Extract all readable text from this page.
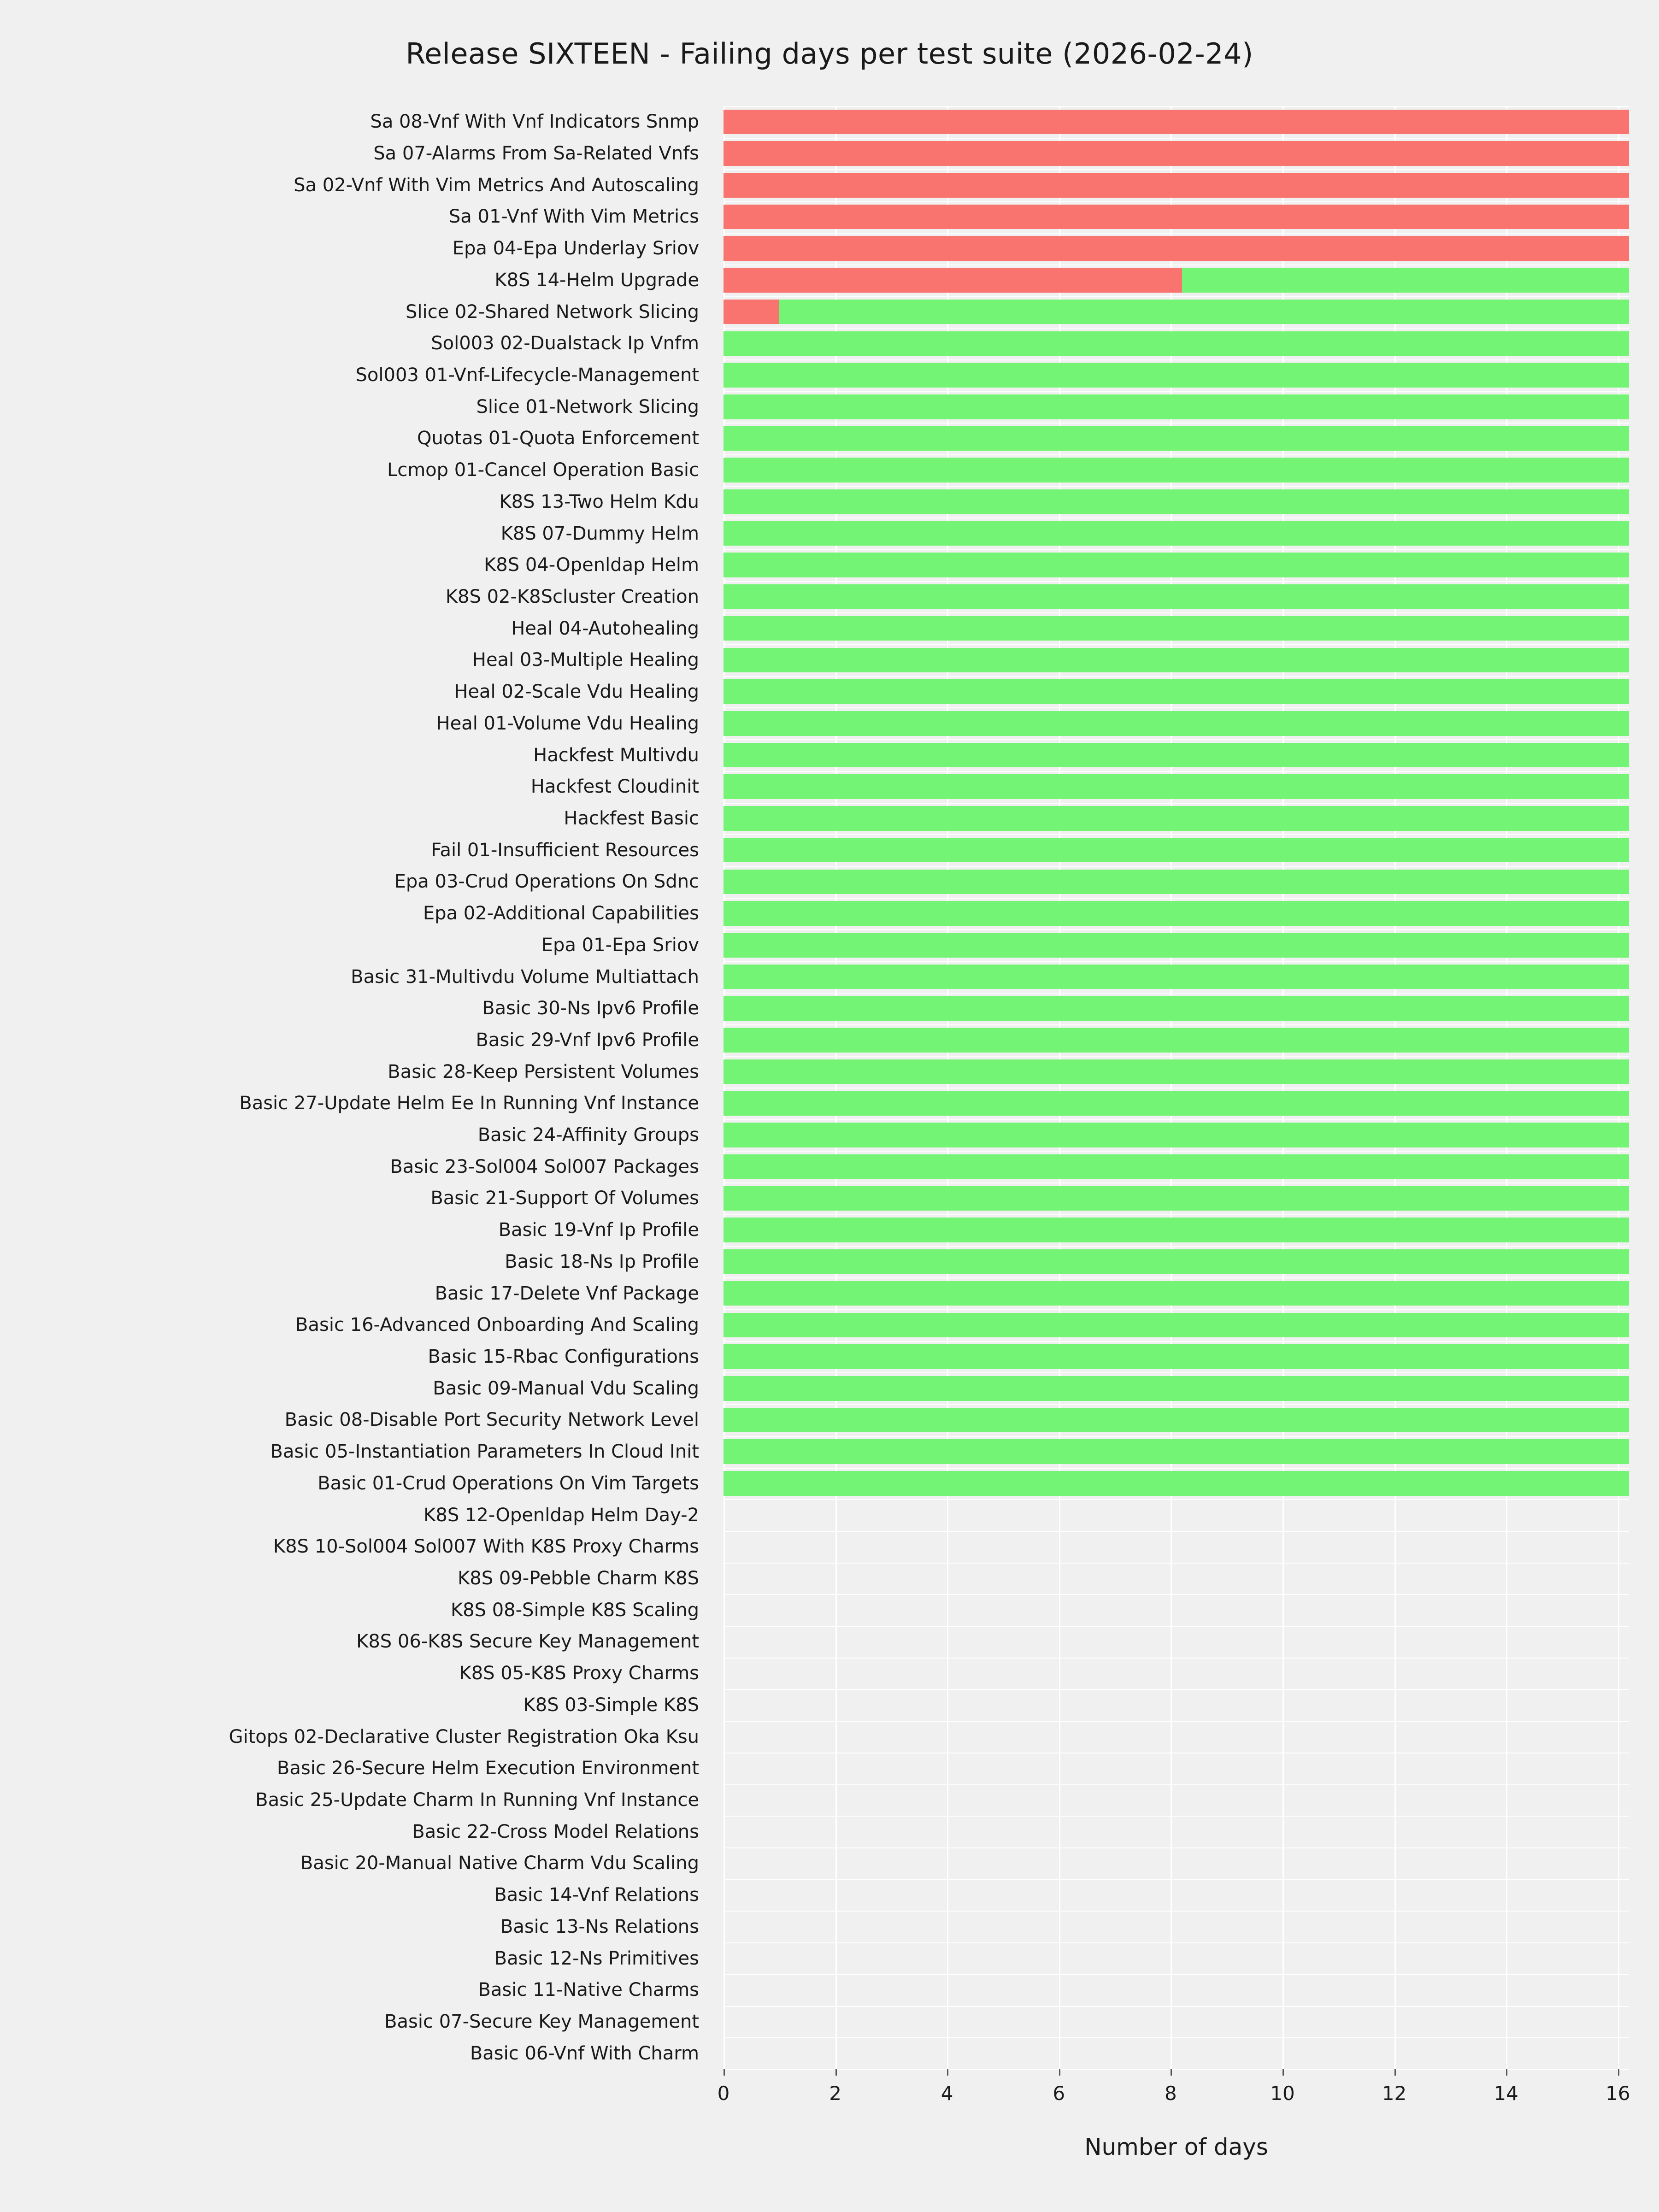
Release SIXTEEN - Failing days per test suite (2026-02-24)
Sa 08-Vnf With Vnf Indicators Snmp
Sa 07-Alarms From Sa-Related Vnfs
Sa 02-Vnf With Vim Metrics And Autoscaling
Sa 01-Vnf With Vim Metrics
Epa 04-Epa Underlay Sriov
K8S 14-Helm Upgrade
Slice 02-Shared Network Slicing
Sol003 02-Dualstack Ip Vnfm
Sol003 01-Vnf-Lifecycle-Management
Slice 01-Network Slicing
Quotas 01-Quota Enforcement
Lcmop 01-Cancel Operation Basic
K8S 13-Two Helm Kdu
K8S 07-Dummy Helm
K8S 04-Openldap Helm
K8S 02-K8Scluster Creation
Heal 04-Autohealing
Heal 03-Multiple Healing
Heal 02-Scale Vdu Healing
Heal 01-Volume Vdu Healing
Hackfest Multivdu
Hackfest Cloudinit
Hackfest Basic
Fail 01-Insufficient Resources
Epa 03-Crud Operations On Sdnc
Epa 02-Additional Capabilities
Epa 01-Epa Sriov
Basic 31-Multivdu Volume Multiattach
Basic 30-Ns Ipv6 Profile
Basic 29-Vnf Ipv6 Profile
Basic 28-Keep Persistent Volumes
Basic 27-Update Helm Ee In Running Vnf Instance
Basic 24-Affinity Groups
Basic 23-Sol004 Sol007 Packages
Basic 21-Support Of Volumes
Basic 19-Vnf Ip Profile
Basic 18-Ns Ip Profile
Basic 17-Delete Vnf Package
Basic 16-Advanced Onboarding And Scaling
Basic 15-Rbac Configurations
Basic 09-Manual Vdu Scaling
Basic 08-Disable Port Security Network Level
Basic 05-Instantiation Parameters In Cloud Init
Basic 01-Crud Operations On Vim Targets
K8S 12-Openldap Helm Day-2
K8S 10-Sol004 Sol007 With K8S Proxy Charms
K8S 09-Pebble Charm K8S
K8S 08-Simple K8S Scaling
K8S 06-K8S Secure Key Management
K8S 05-K8S Proxy Charms
K8S 03-Simple K8S
Gitops 02-Declarative Cluster Registration Oka Ksu
Basic 26-Secure Helm Execution Environment
Basic 25-Update Charm In Running Vnf Instance
Basic 22-Cross Model Relations
Basic 20-Manual Native Charm Vdu Scaling
Basic 14-Vnf Relations
Basic 13-Ns Relations
Basic 12-Ns Primitives
Basic 11-Native Charms
Basic 07-Secure Key Management
Basic 06-Vnf With Charm
Number of days
0	2	4	6	8	10	12	14	16
